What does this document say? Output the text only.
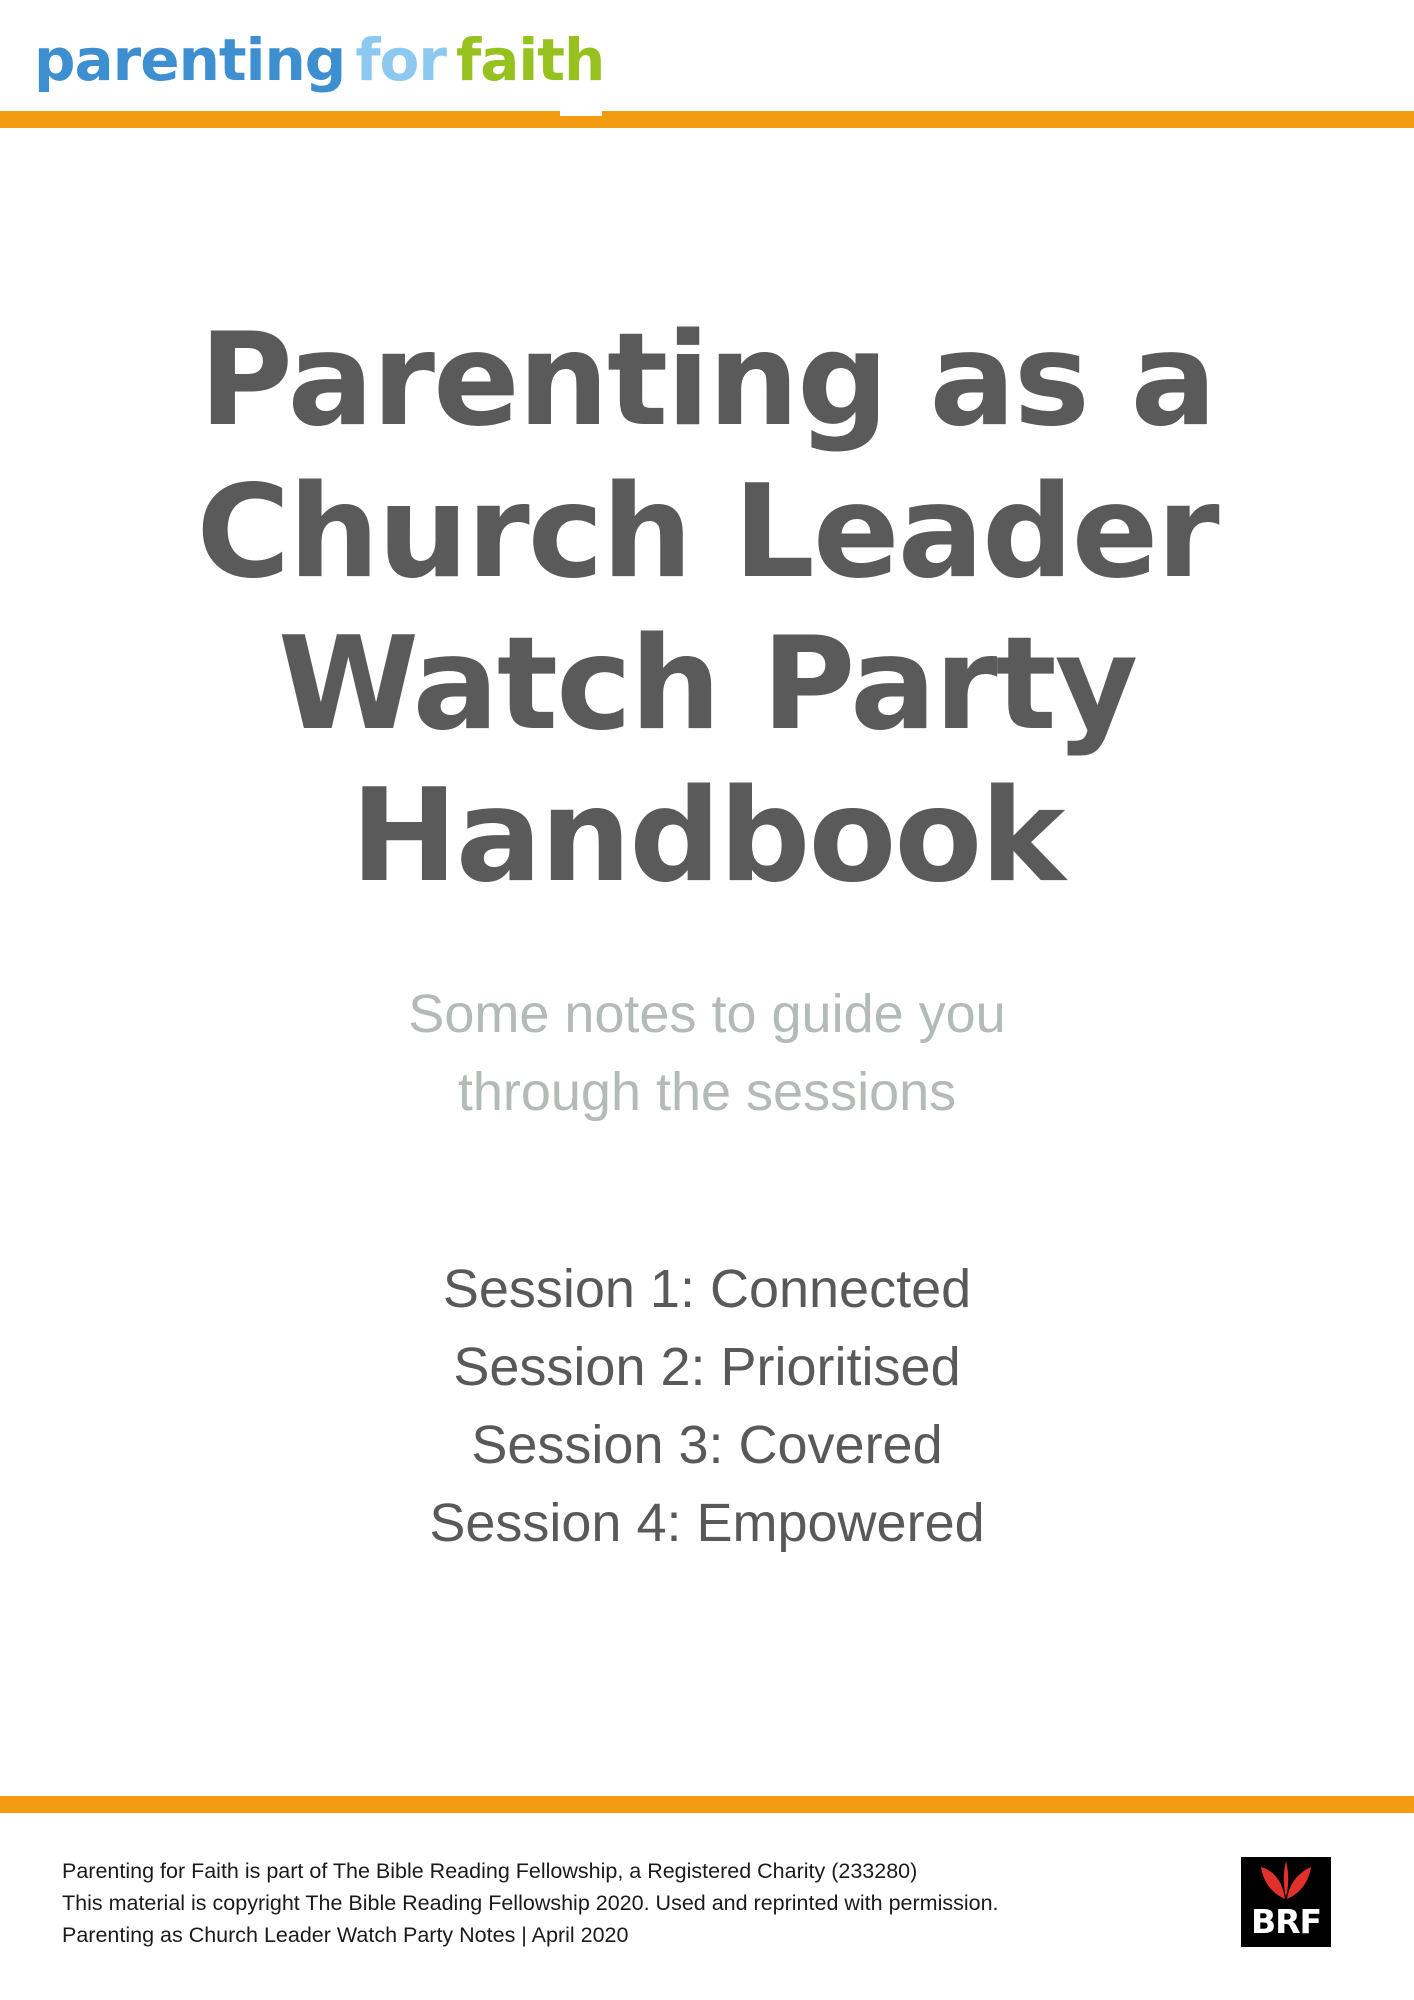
parenting for faith
Parenting as a
Church Leader
Watch Party
Handbook
Some notes to guide you
through the sessions
Session 1: Connected
Session 2: Prioritised
Session 3: Covered
Session 4: Empowered
Parenting for Faith is part of The Bible Reading Fellowship, a Registered Charity (233280)
This material is copyright The Bible Reading Fellowship 2020. Used and reprinted with permission.
Parenting as Church Leader Watch Party Notes | April 2020	BRF
